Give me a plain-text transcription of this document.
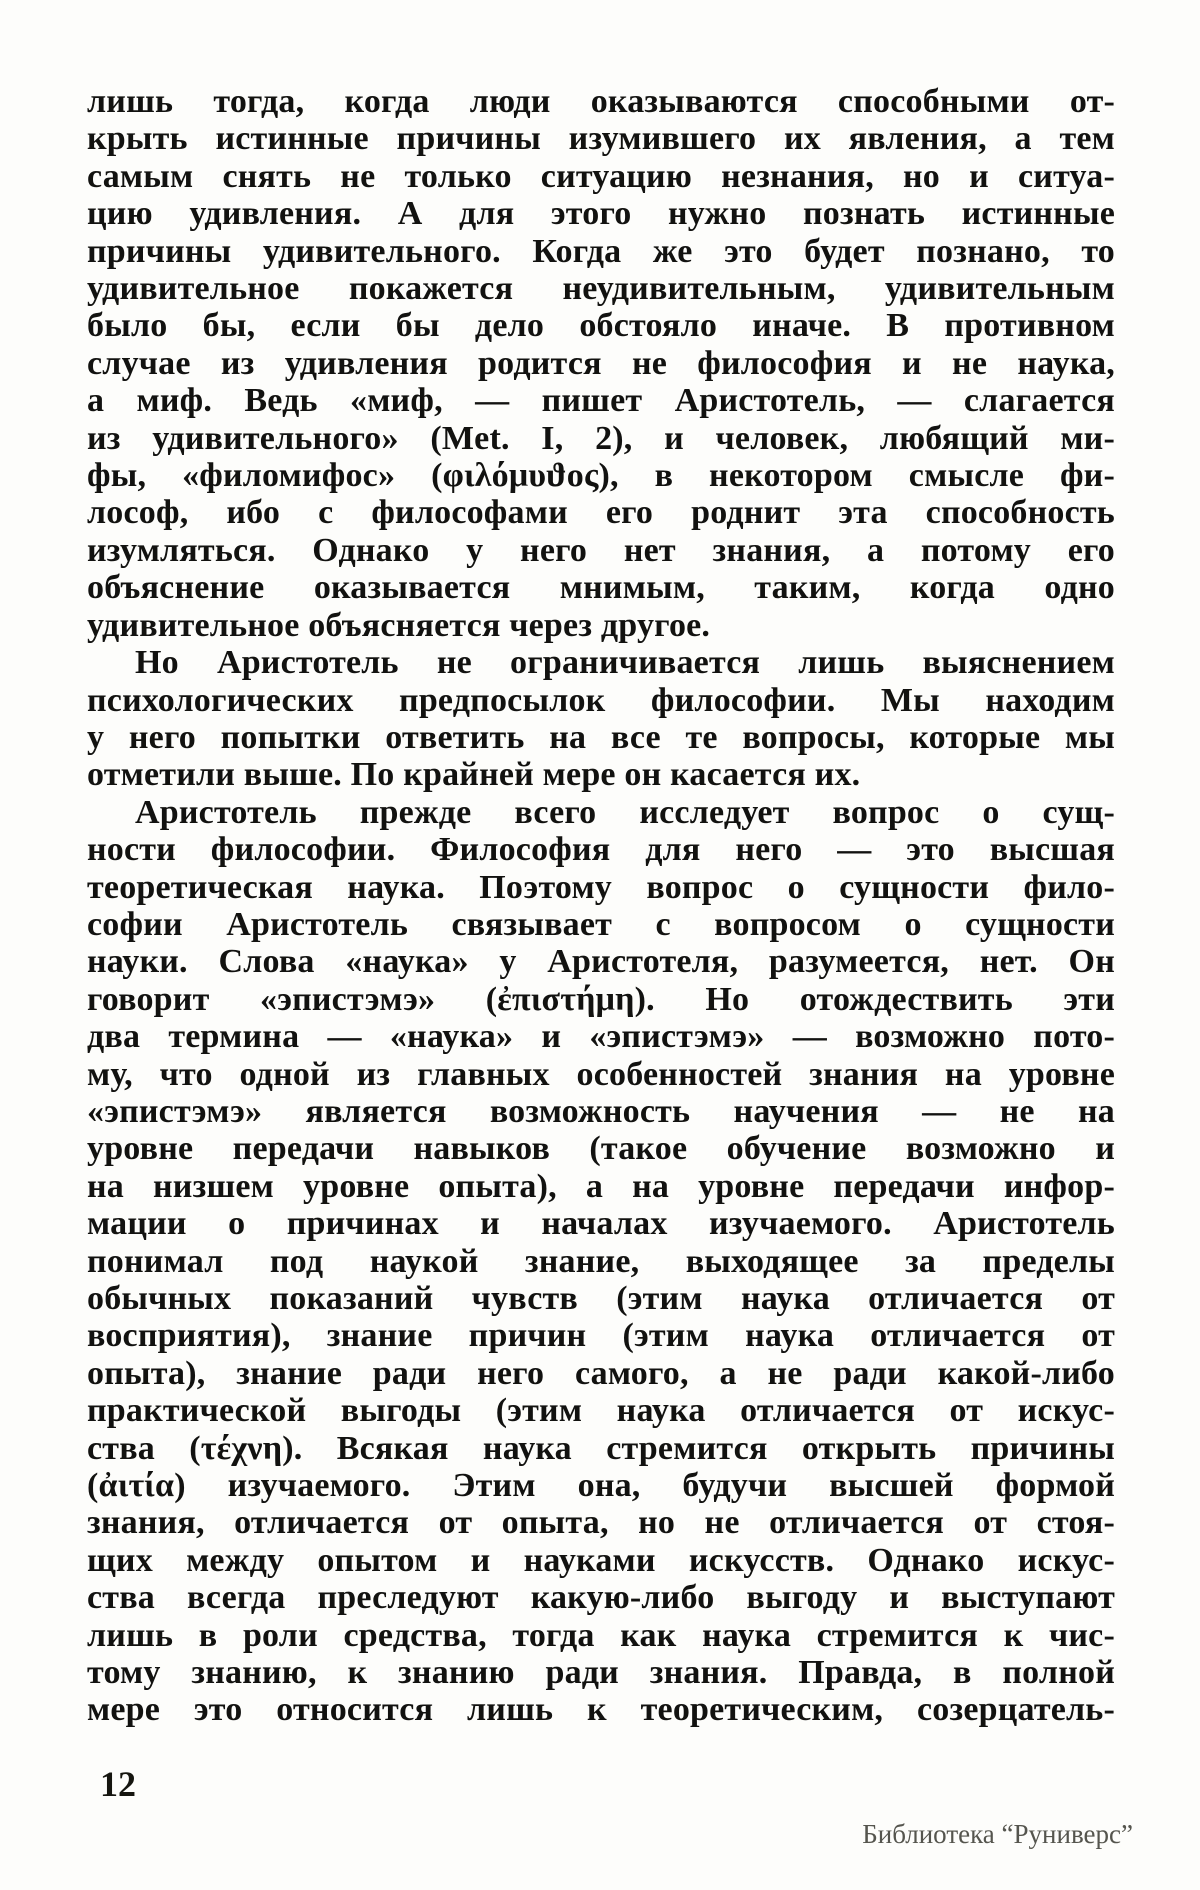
лишь тогда, когда люди оказываются способными от-
крыть истинные причины изумившего их явления, а тем
самым снять не только ситуацию незнания, но и ситуа-
цию удивления. А для этого нужно познать истинные
причины удивительного. Когда же это будет познано, то
удивительное покажется неудивительным, удивительным
было бы, если бы дело обстояло иначе. В противном
случае из удивления родится не философия и не наука,
а миф. Ведь «миф, — пишет Аристотель, — слагается
из удивительного» (Met. I, 2), и человек, любящий ми-
фы, «филомифос» (φιλόμυϑος), в некотором смысле фи-
лософ, ибо с философами его роднит эта способность
изумляться. Однако у него нет знания, а потому его
объяснение оказывается мнимым, таким, когда одно
удивительное объясняется через другое.
Но Аристотель не ограничивается лишь выяснением
психологических предпосылок философии. Мы находим
у него попытки ответить на все те вопросы, которые мы
отметили выше. По крайней мере он касается их.
Аристотель прежде всего исследует вопрос о сущ-
ности философии. Философия для него — это высшая
теоретическая наука. Поэтому вопрос о сущности фило-
софии Аристотель связывает с вопросом о сущности
науки. Слова «наука» у Аристотеля, разумеется, нет. Он
говорит «эпистэмэ» (ἐπιστήμη). Но отождествить эти
два термина — «наука» и «эпистэмэ» — возможно пото-
му, что одной из главных особенностей знания на уровне
«эпистэмэ» является возможность научения — не на
уровне передачи навыков (такое обучение возможно и
на низшем уровне опыта), а на уровне передачи инфор-
мации о причинах и началах изучаемого. Аристотель
понимал под наукой знание, выходящее за пределы
обычных показаний чувств (этим наука отличается от
восприятия), знание причин (этим наука отличается от
опыта), знание ради него самого, а не ради какой-либо
практической выгоды (этим наука отличается от искус-
ства (τέχνη). Всякая наука стремится открыть причины
(ἀιτία) изучаемого. Этим она, будучи высшей формой
знания, отличается от опыта, но не отличается от стоя-
щих между опытом и науками искусств. Однако искус-
ства всегда преследуют какую-либо выгоду и выступают
лишь в роли средства, тогда как наука стремится к чис-
тому знанию, к знанию ради знания. Правда, в полной
мере это относится лишь к теоретическим, созерцатель-
12
Библиотека “Руниверс”
